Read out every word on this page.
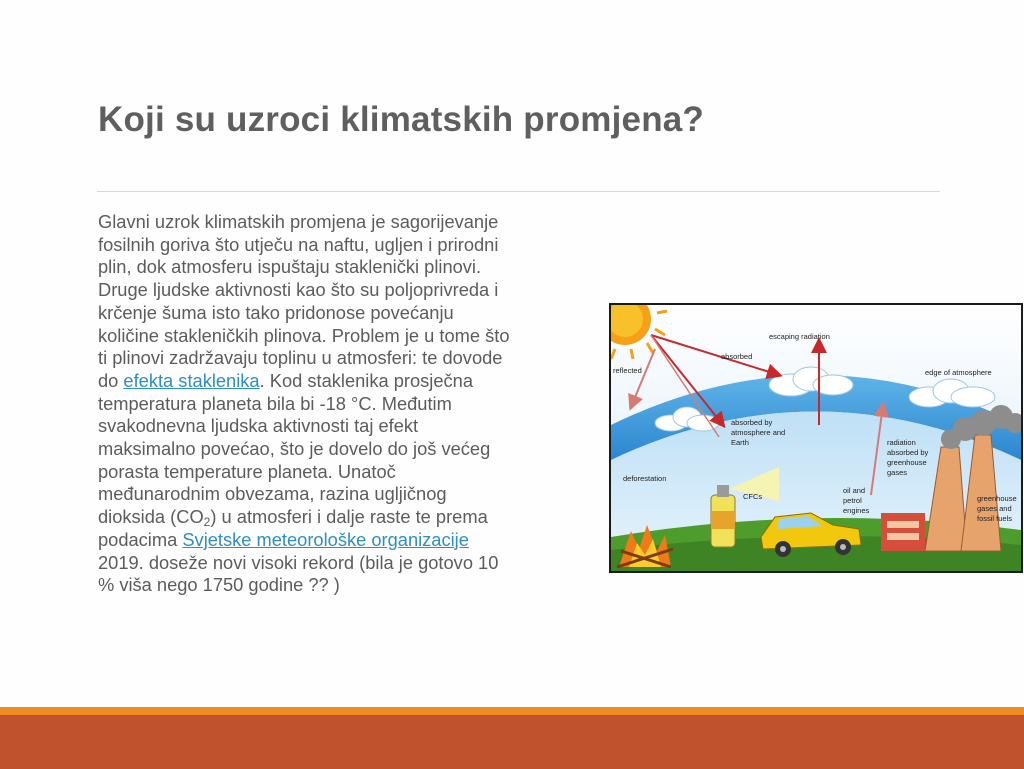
Koji su uzroci klimatskih promjena?

Glavni uzrok klimatskih promjena je sagorijevanje fosilnih goriva što utječu na naftu, ugljen i prirodni plin, dok atmosferu ispuštaju staklenički plinovi. Druge ljudske aktivnosti kao što su poljoprivreda i krčenje šuma isto tako pridonose povećanju količine stakleničkih plinova. Problem je u tome što ti plinovi zadržavaju toplinu u atmosferi: te dovode do efekta staklenika. Kod staklenika prosječna temperatura planeta bila bi -18 °C. Međutim svakodnevna ljudska aktivnosti taj efekt maksimalno povećao, što je dovelo do još većeg porasta temperature planeta. Unatoč međunarodnim obvezama, razina ugljičnog dioksida $(CO_2)$ u atmosferi i dalje raste te prema podacima Svjetske meteorološke organizacije 2019. doseže novi visoki rekord (bila je gotovo 10 % viša nego 1750 godine ?? )

escaping radiation
absorbed
reflected	edge of atmosphere
absorbed by
atmosphere and
Earth	radiation
absorbed by
greenhouse
gases
deforestation
CFCs
oil and
petrol
engines
greenhouse
gases and
fossil fuels
